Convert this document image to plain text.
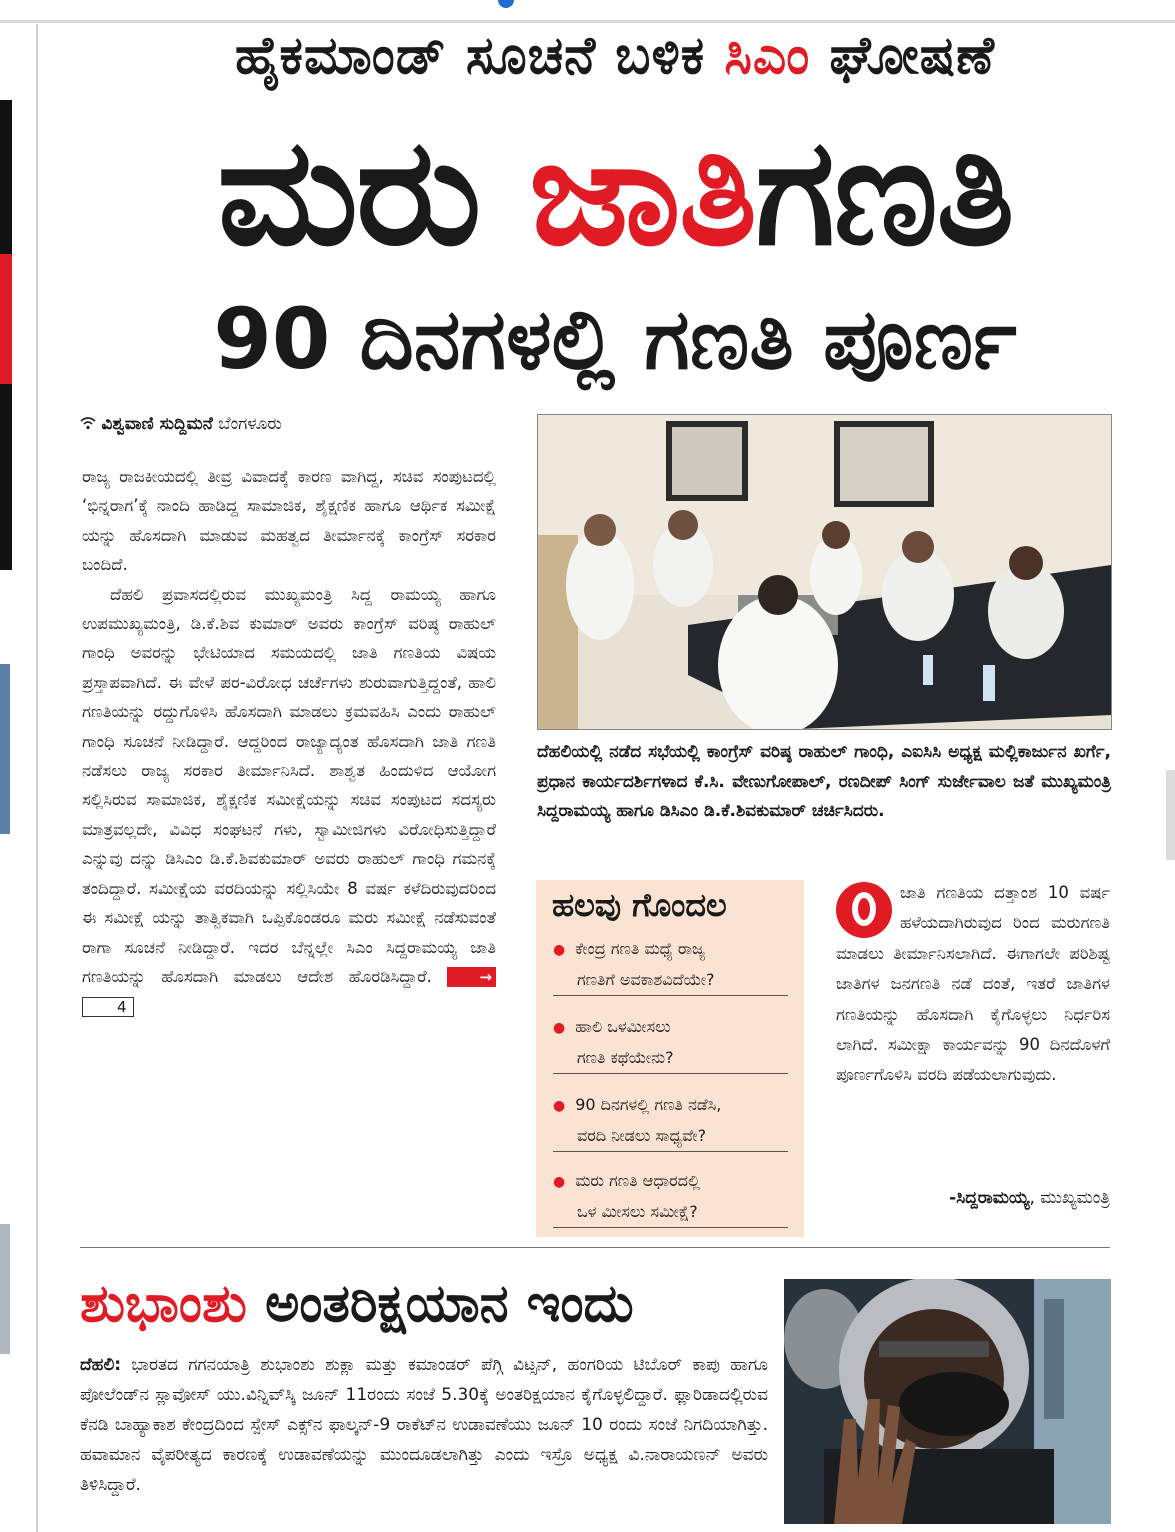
ಹೈಕಮಾಂಡ್ ಸೂಚನೆ ಬಳಿಕ ಸಿಎಂ ಘೋಷಣೆ
ಮರು ಜಾತಿಗಣತಿ
90 ದಿನಗಳಲ್ಲಿ ಗಣತಿ ಪೂರ್ಣ
ವಿಶ್ವವಾಣಿ ಸುದ್ದಿಮನೆ ಬೆಂಗಳೂರು

ರಾಜ್ಯ ರಾಜಕೀಯದಲ್ಲಿ ತೀವ್ರ ವಿವಾದಕ್ಕೆ ಕಾರಣ ವಾಗಿದ್ದ, ಸಚಿವ ಸಂಪುಟದಲ್ಲಿ ‘ಭಿನ್ನರಾಗ’ಕ್ಕೆ ನಾಂದಿ ಹಾಡಿದ್ದ ಸಾಮಾಜಿಕ, ಶೈಕ್ಷಣಿಕ ಹಾಗೂ ಆರ್ಥಿಕ ಸಮೀಕ್ಷೆ ಯನ್ನು ಹೊಸದಾಗಿ ಮಾಡುವ ಮಹತ್ವದ ತೀರ್ಮಾನಕ್ಕೆ ಕಾಂಗ್ರೆಸ್ ಸರಕಾರ ಬಂದಿದೆ.

ದೆಹಲಿ ಪ್ರವಾಸದಲ್ಲಿರುವ ಮುಖ್ಯಮಂತ್ರಿ ಸಿದ್ದ ರಾಮಯ್ಯ ಹಾಗೂ ಉಪಮುಖ್ಯಮಂತ್ರಿ, ಡಿ.ಕೆ.ಶಿವ ಕುಮಾರ್ ಅವರು ಕಾಂಗ್ರೆಸ್ ವರಿಷ್ಠ ರಾಹುಲ್ ಗಾಂಧಿ ಅವರನ್ನು ಭೇಟಿಯಾದ ಸಮಯದಲ್ಲಿ ಜಾತಿ ಗಣತಿಯ ವಿಷಯ ಪ್ರಸ್ತಾಪವಾಗಿದೆ. ಈ ವೇಳೆ ಪರ-ವಿರೋಧ ಚರ್ಚೆಗಳು ಶುರುವಾಗುತ್ತಿದ್ದಂತೆ, ಹಾಲಿ ಗಣತಿಯನ್ನು ರದ್ದುಗೊಳಿಸಿ ಹೊಸದಾಗಿ ಮಾಡಲು ಕ್ರಮವಹಿಸಿ ಎಂದು ರಾಹುಲ್ ಗಾಂಧಿ ಸೂಚನೆ ನೀಡಿದ್ದಾರೆ. ಆದ್ದರಿಂದ ರಾಜ್ಯಾದ್ಯಂತ ಹೊಸದಾಗಿ ಜಾತಿ ಗಣತಿ ನಡೆಸಲು ರಾಜ್ಯ ಸರಕಾರ ತೀರ್ಮಾನಿಸಿದೆ. ಶಾಶ್ವತ ಹಿಂದುಳಿದ ಆಯೋಗ ಸಲ್ಲಿಸಿರುವ ಸಾಮಾಜಿಕ, ಶೈಕ್ಷಣಿಕ ಸಮೀಕ್ಷೆಯನ್ನು ಸಚಿವ ಸಂಪುಟದ ಸದಸ್ಯರು ಮಾತ್ರವಲ್ಲದೇ, ವಿವಿಧ ಸಂಘಟನೆ ಗಳು, ಸ್ವಾಮೀಜಿಗಳು ವಿರೋಧಿಸುತ್ತಿದ್ದಾರೆ ಎನ್ನುವು ದನ್ನು ಡಿಸಿಎಂ ಡಿ.ಕೆ.ಶಿವಕುಮಾರ್ ಅವರು ರಾಹುಲ್ ಗಾಂಧಿ ಗಮನಕ್ಕೆ ತಂದಿದ್ದಾರೆ. ಸಮೀಕ್ಷೆಯ ವರದಿಯನ್ನು ಸಲ್ಲಿಸಿಯೇ 8 ವರ್ಷ ಕಳೆದಿರುವುದರಿಂದ ಈ ಸಮೀಕ್ಷೆ ಯನ್ನು ತಾತ್ವಿಕವಾಗಿ ಒಪ್ಪಿಕೊಂಡರೂ ಮರು ಸಮೀಕ್ಷೆ ನಡೆಸುವಂತೆ ರಾಗಾ ಸೂಚನೆ ನೀಡಿದ್ದಾರೆ. ಇದರ ಬೆನ್ನಲ್ಲೇ ಸಿಎಂ ಸಿದ್ದರಾಮಯ್ಯ ಜಾತಿ ಗಣತಿಯನ್ನು ಹೊಸದಾಗಿ ಮಾಡಲು ಆದೇಶ ಹೊರಡಿಸಿದ್ದಾರೆ.	→4

ದೆಹಲಿಯಲ್ಲಿ ನಡೆದ ಸಭೆಯಲ್ಲಿ ಕಾಂಗ್ರೆಸ್ ವರಿಷ್ಠ ರಾಹುಲ್ ಗಾಂಧಿ, ಎಐಸಿಸಿ ಅಧ್ಯಕ್ಷ ಮಲ್ಲಿಕಾರ್ಜುನ ಖರ್ಗೆ, ಪ್ರಧಾನ ಕಾರ್ಯದರ್ಶಿಗಳಾದ ಕೆ.ಸಿ. ವೇಣುಗೋಪಾಲ್, ರಣದೀಪ್ ಸಿಂಗ್ ಸುರ್ಜೇವಾಲ ಜತೆ ಮುಖ್ಯಮಂತ್ರಿ ಸಿದ್ದರಾಮಯ್ಯ ಹಾಗೂ ಡಿಸಿಎಂ ಡಿ.ಕೆ.ಶಿವಕುಮಾರ್ ಚರ್ಚಿಸಿದರು.
ಹಲವು ಗೊಂದಲ
● ಕೇಂದ್ರ ಗಣತಿ ಮಧ್ಯೆ ರಾಜ್ಯ
ಗಣತಿಗೆ ಅವಕಾಶವಿದೆಯೇ?
● ಹಾಲಿ ಒಳಮೀಸಲು
ಗಣತಿ ಕಥೆಯೇನು?
● 90 ದಿನಗಳಲ್ಲಿ ಗಣತಿ ನಡೆಸಿ,
ವರದಿ ನೀಡಲು ಸಾಧ್ಯವೇ?
● ಮರು ಗಣತಿ ಆಧಾರದಲ್ಲಿ
ಒಳ ಮೀಸಲು ಸಮೀಕ್ಷೆ?
ಜಾತಿ ಗಣತಿಯ ದತ್ತಾಂಶ 10 ವರ್ಷ ಹಳೆಯದಾಗಿರುವುದ ರಿಂದ ಮರುಗಣತಿ ಮಾಡಲು ತೀರ್ಮಾನಿಸಲಾಗಿದೆ. ಈಗಾಗಲೇ ಪರಿಶಿಷ್ಟ ಜಾತಿಗಳ ಜನಗಣತಿ ನಡೆ ದಂತೆ, ಇತರೆ ಜಾತಿಗಳ ಗಣತಿಯನ್ನು ಹೊಸದಾಗಿ ಕೈಗೊಳ್ಳಲು ನಿರ್ಧರಿಸ ಲಾಗಿದೆ. ಸಮೀಕ್ಷಾ ಕಾರ್ಯವನ್ನು 90 ದಿನದೊಳಗೆ ಪೂರ್ಣಗೊಳಿಸಿ ವರದಿ ಪಡೆಯಲಾಗುವುದು.
-ಸಿದ್ದರಾಮಯ್ಯ, ಮುಖ್ಯಮಂತ್ರಿ
ಶುಭಾಂಶು ಅಂತರಿಕ್ಷಯಾನ ಇಂದು
ದೆಹಲಿ: ಭಾರತದ ಗಗನಯಾತ್ರಿ ಶುಭಾಂಶು ಶುಕ್ಲಾ ಮತ್ತು ಕಮಾಂಡರ್ ಪೆಗ್ಗಿ ವಿಟ್ಸನ್, ಹಂಗರಿಯ ಟಿಬೊರ್ ಕಾಪು ಹಾಗೂ ಪೋಲೆಂಡ್‌ನ ಸ್ಲಾವೋಸ್ ಯು.ವಿನ್ನಿವ್‌ಸ್ಕಿ ಜೂನ್ 11ರಂದು ಸಂಜೆ 5.30ಕ್ಕೆ ಅಂತರಿಕ್ಷಯಾನ ಕೈಗೊಳ್ಳಲಿದ್ದಾರೆ. ಫ್ಲಾರಿಡಾದಲ್ಲಿರುವ ಕೆನಡಿ ಬಾಹ್ಯಾಕಾಶ ಕೇಂದ್ರದಿಂದ ಸ್ಪೇಸ್ ಎಕ್ಸ್‌ನ ಫಾಲ್ಕನ್-9 ರಾಕೆಟ್‌ನ ಉಡಾವಣೆಯು ಜೂನ್ 10 ರಂದು ಸಂಜೆ ನಿಗದಿಯಾಗಿತ್ತು. ಹವಾಮಾನ ವೈಪರೀತ್ಯದ ಕಾರಣಕ್ಕೆ ಉಡಾವಣೆಯನ್ನು ಮುಂದೂಡಲಾಗಿತ್ತು ಎಂದು ಇಸ್ರೊ ಅಧ್ಯಕ್ಷ ವಿ.ನಾರಾಯಣನ್ ಅವರು ತಿಳಿಸಿದ್ದಾರೆ.
